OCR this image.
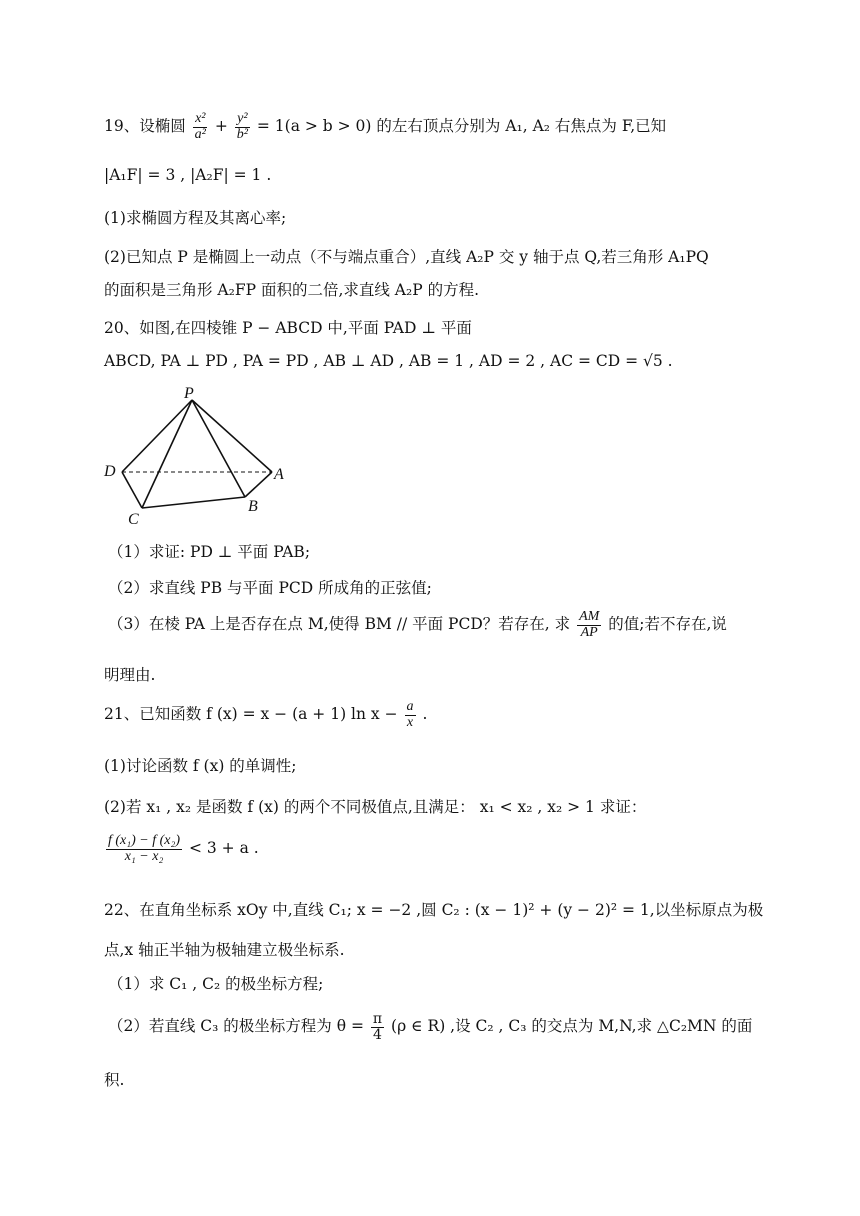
19、设椭圆 $\frac{\text{x²}}{\text{a²}} + \frac{\text{y²}}{\text{b²}} = 1(a > b > 0)$ 的左右顶点分别为 A₁, A₂ 右焦点为 F,已知
|A₁F| = 3 , |A₂F| = 1 .
(1)求椭圆方程及其离心率;
(2)已知点 P 是椭圆上一动点（不与端点重合）,直线 A₂P 交 y 轴于点 Q,若三角形 A₁PQ
的面积是三角形 A₂FP 面积的二倍,求直线 A₂P 的方程.
20、如图,在四棱锥 P − ABCD 中,平面 PAD ⊥ 平面
ABCD, PA ⊥ PD , PA = PD , AB ⊥ AD , AB = 1 , AD = 2 , AC = CD = √5 .
P
D	A
B
C
（1）求证: PD ⊥ 平面 PAB;
（2）求直线 PB 与平面 PCD 所成角的正弦值;
（3）在棱 PA 上是否存在点 M,使得 BM // 平面 PCD？若存在, 求 $\frac{AM}{AP}$ 的值;若不存在,说
明理由.
21、已知函数 f (x) = x − (a + 1) $\ln x - \frac{a}{x}$ .
(1)讨论函数 f (x) 的单调性;
(2)若 x₁ , x₂ 是函数 f (x) 的两个不同极值点,且满足： x₁ < x₂ , x₂ > 1 求证：
$\frac{\text{f (x₁) − f (x₂)}}{\text{x₁ − x₂}} < 3 + a$ .
22、在直角坐标系 xOy 中,直线 C₁; x = −2 ,圆 C₂ : (x − 1)² + (y − 2)² = 1,以坐标原点为极
点,x 轴正半轴为极轴建立极坐标系.
（1）求 C₁ , C₂ 的极坐标方程;
（2）若直线 C₃ 的极坐标方程为 $\theta = \frac{\pi}{4} (\rho$ ∈ R) ,设 C₂ , C₃ 的交点为 M,N,求 △C₂MN 的面
积.
